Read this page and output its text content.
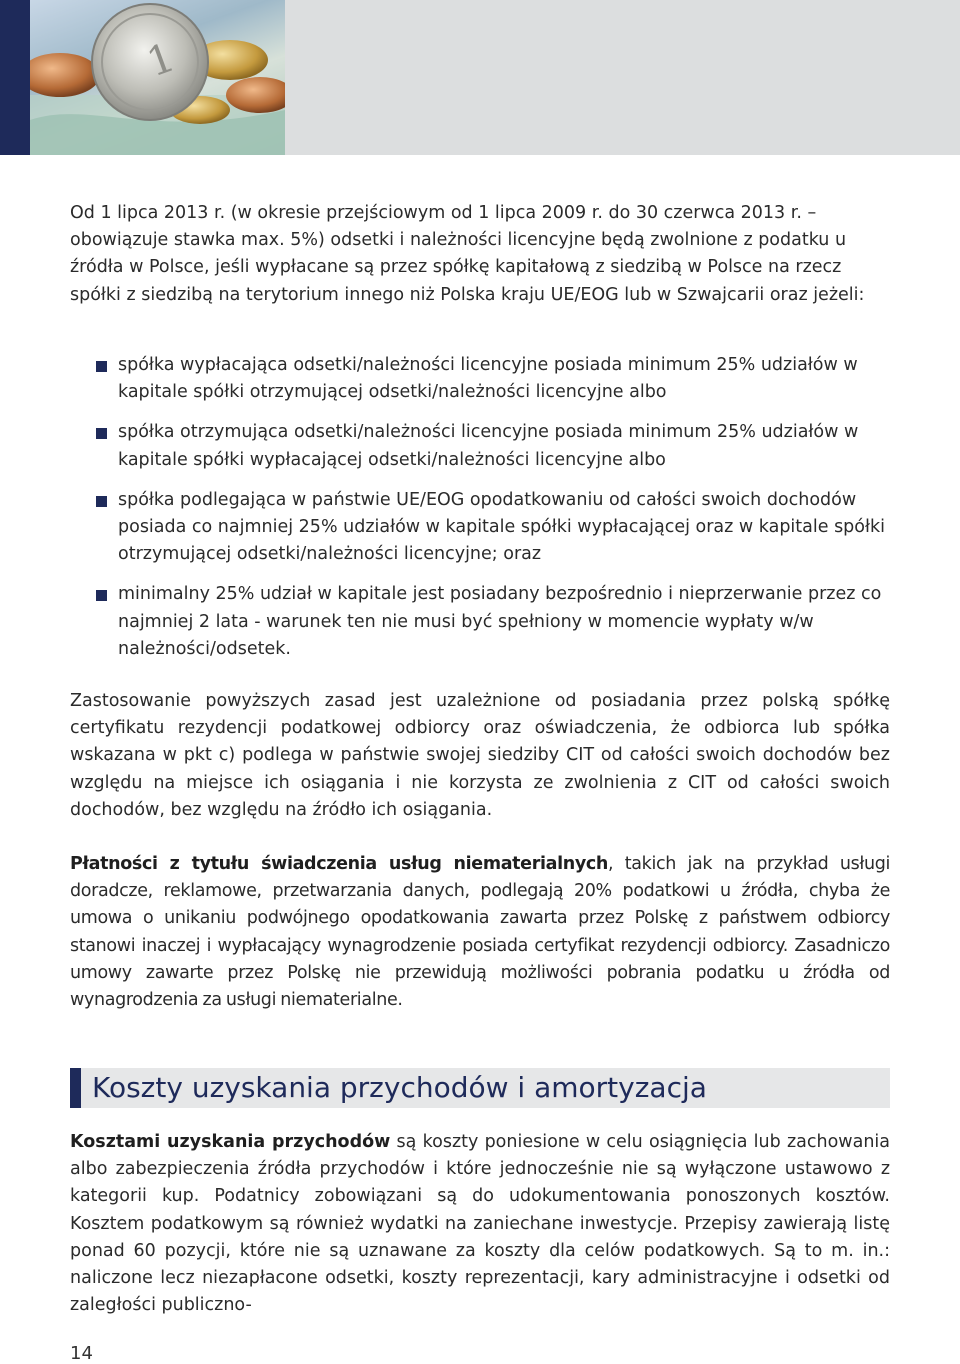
1

Od 1 lipca 2013 r. (w okresie przejściowym od 1 lipca 2009 r. do 30 czerwca 2013 r. – obowiązuje stawka max. 5%) odsetki i należności licencyjne będą zwolnione z podatku u źródła w Polsce, jeśli wypłacane są przez spółkę kapitałową z siedzibą w Polsce na rzecz spółki z siedzibą na terytorium innego niż Polska kraju UE/EOG lub w Szwajcarii oraz jeżeli:

spółka wypłacająca odsetki/należności licencyjne posiada minimum 25% udziałów w kapitale spółki otrzymującej odsetki/należności licencyjne albo
spółka otrzymująca odsetki/należności licencyjne posiada minimum 25% udziałów w kapitale spółki wypłacającej odsetki/należności licencyjne albo
spółka podlegająca w państwie UE/EOG opodatkowaniu od całości swoich dochodów posiada co najmniej 25% udziałów w kapitale spółki wypłacającej oraz w kapitale spółki otrzymującej odsetki/należności licencyjne; oraz
minimalny 25% udział w kapitale jest posiadany bezpośrednio i nieprzerwanie przez co najmniej 2 lata - warunek ten nie musi być spełniony w momencie wypłaty w/w należności/odsetek.

Zastosowanie powyższych zasad jest uzależnione od posiadania przez polską spółkę certyfikatu rezydencji podatkowej odbiorcy oraz oświadczenia, że odbiorca lub spółka wskazana w pkt c) podlega w państwie swojej siedziby CIT od całości swoich dochodów bez względu na miejsce ich osiągania i nie korzysta ze zwolnienia z CIT od całości swoich dochodów, bez względu na źródło ich osiągania.

Płatności z tytułu świadczenia usług niematerialnych, takich jak na przykład usługi doradcze, reklamowe, przetwarzania danych, podlegają 20% podatkowi u źródła, chyba że umowa o unikaniu podwójnego opodatkowania zawarta przez Polskę z państwem odbiorcy stanowi inaczej i wypłacający wynagrodzenie posiada certyfikat rezydencji odbiorcy. Zasadniczo umowy zawarte przez Polskę nie przewidują możliwości pobrania podatku u źródła od wynagrodzenia za usługi niematerialne.

Koszty uzyskania przychodów i amortyzacja

Kosztami uzyskania przychodów są koszty poniesione w celu osiągnięcia lub zachowania albo zabezpieczenia źródła przychodów i które jednocześnie nie są wyłączone ustawowo z kategorii kup. Podatnicy zobowiązani są do udokumentowania ponoszonych kosztów. Kosztem podatkowym są również wydatki na zaniechane inwestycje. Przepisy zawierają listę ponad 60 pozycji, które nie są uznawane za koszty dla celów podatkowych. Są to m. in.: naliczone lecz niezapłacone odsetki, koszty reprezentacji, kary administracyjne i odsetki od zaległości publiczno-

14
